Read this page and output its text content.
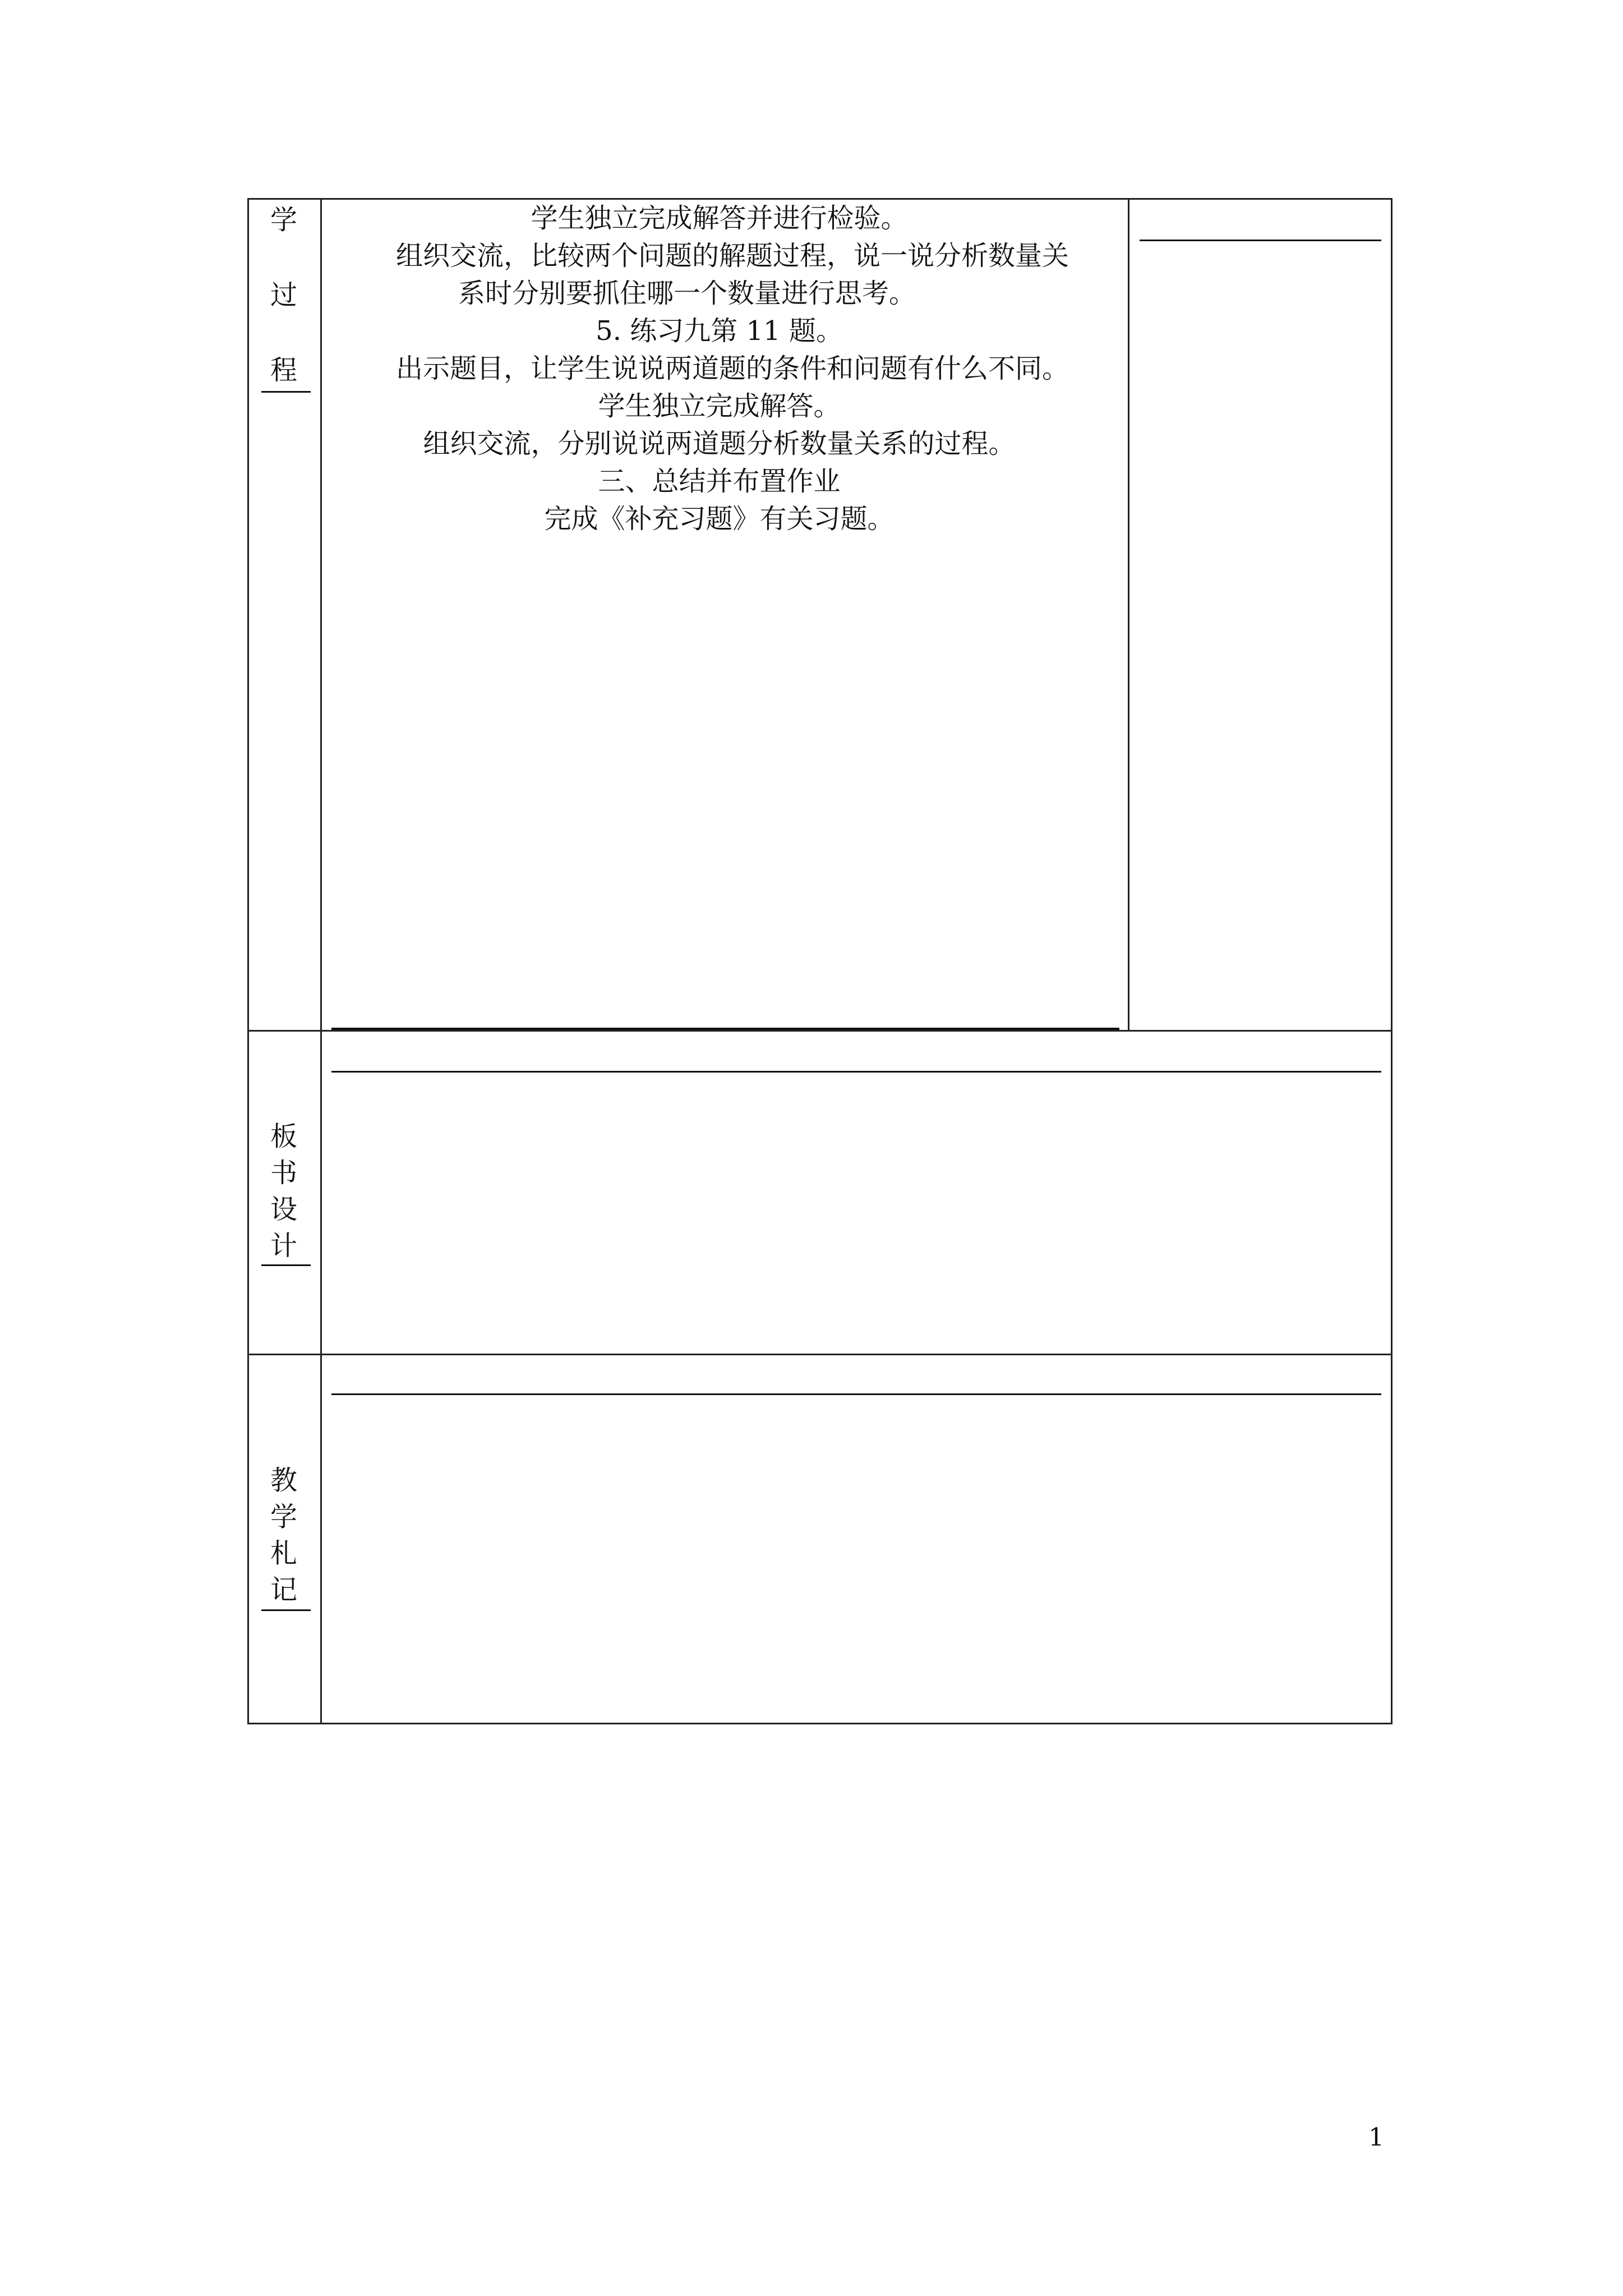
学
过
程
学生独立完成解答并进行检验。
组织交流，比较两个问题的解题过程，说一说分析数量关
系时分别要抓住哪一个数量进行思考。
5. 练习九第 11 题。
出示题目，让学生说说两道题的条件和问题有什么不同。
学生独立完成解答。
组织交流，分别说说两道题分析数量关系的过程。
三、总结并布置作业
完成《补充习题》有关习题。
板
书
设
计
教
学
札
记
1
